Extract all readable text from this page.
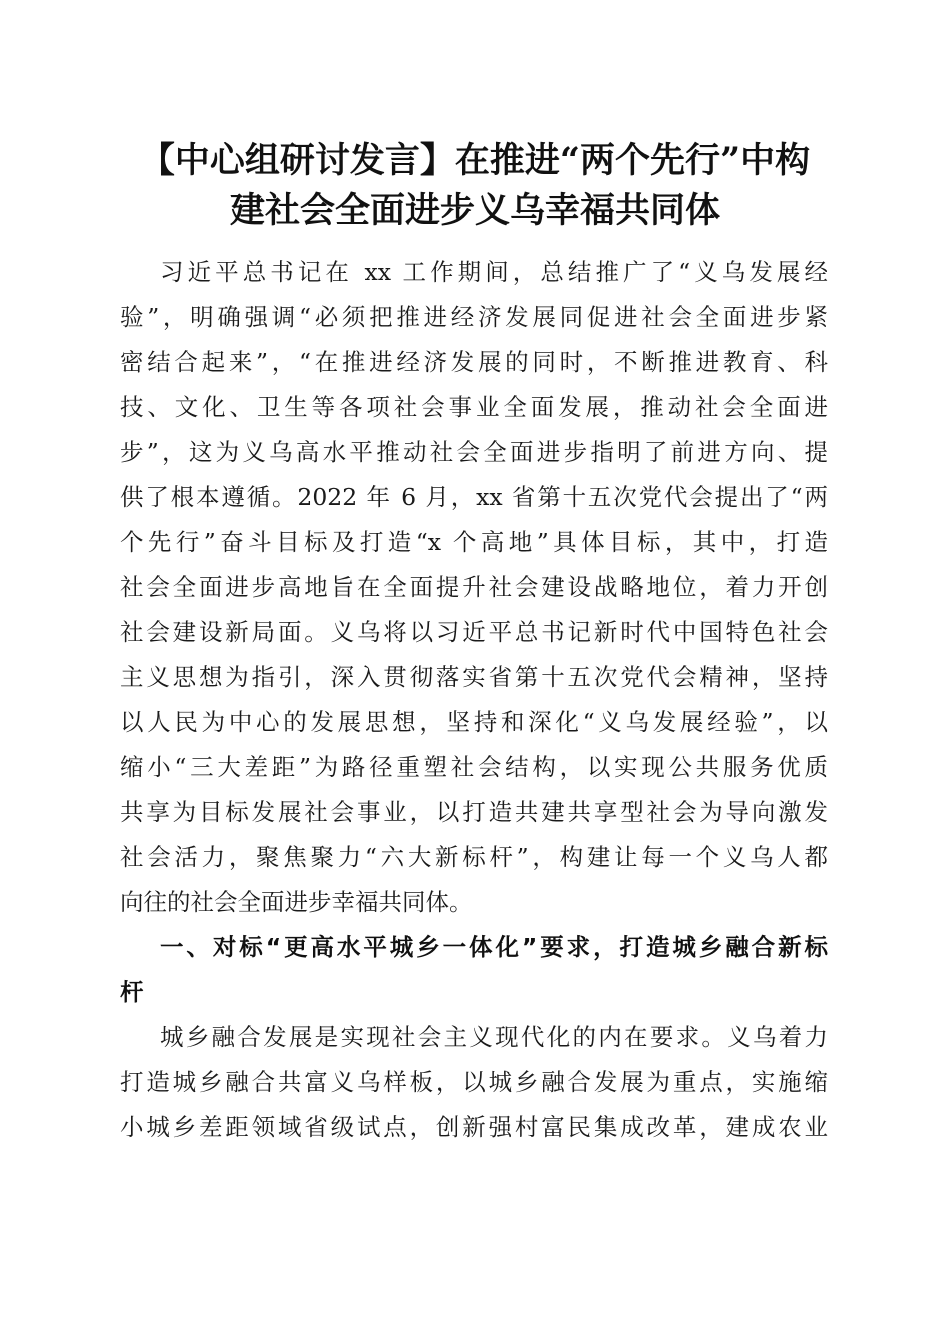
【中心组研讨发言】在推进“两个先行”中构
建社会全面进步义乌幸福共同体
习近平总书记在 xx 工作期间，总结推广了“义乌发展经
验”，明确强调“必须把推进经济发展同促进社会全面进步紧
密结合起来”，“在推进经济发展的同时，不断推进教育、科
技、文化、卫生等各项社会事业全面发展，推动社会全面进
步”，这为义乌高水平推动社会全面进步指明了前进方向、提
供了根本遵循。2022 年 6 月，xx 省第十五次党代会提出了“两
个先行”奋斗目标及打造“x 个高地”具体目标，其中，打造
社会全面进步高地旨在全面提升社会建设战略地位，着力开创
社会建设新局面。义乌将以习近平总书记新时代中国特色社会
主义思想为指引，深入贯彻落实省第十五次党代会精神，坚持
以人民为中心的发展思想，坚持和深化“义乌发展经验”，以
缩小“三大差距”为路径重塑社会结构，以实现公共服务优质
共享为目标发展社会事业，以打造共建共享型社会为导向激发
社会活力，聚焦聚力“六大新标杆”，构建让每一个义乌人都
向往的社会全面进步幸福共同体。
一、对标“更高水平城乡一体化”要求，打造城乡融合新标
杆
城乡融合发展是实现社会主义现代化的内在要求。义乌着力
打造城乡融合共富义乌样板，以城乡融合发展为重点，实施缩
小城乡差距领域省级试点，创新强村富民集成改革，建成农业
